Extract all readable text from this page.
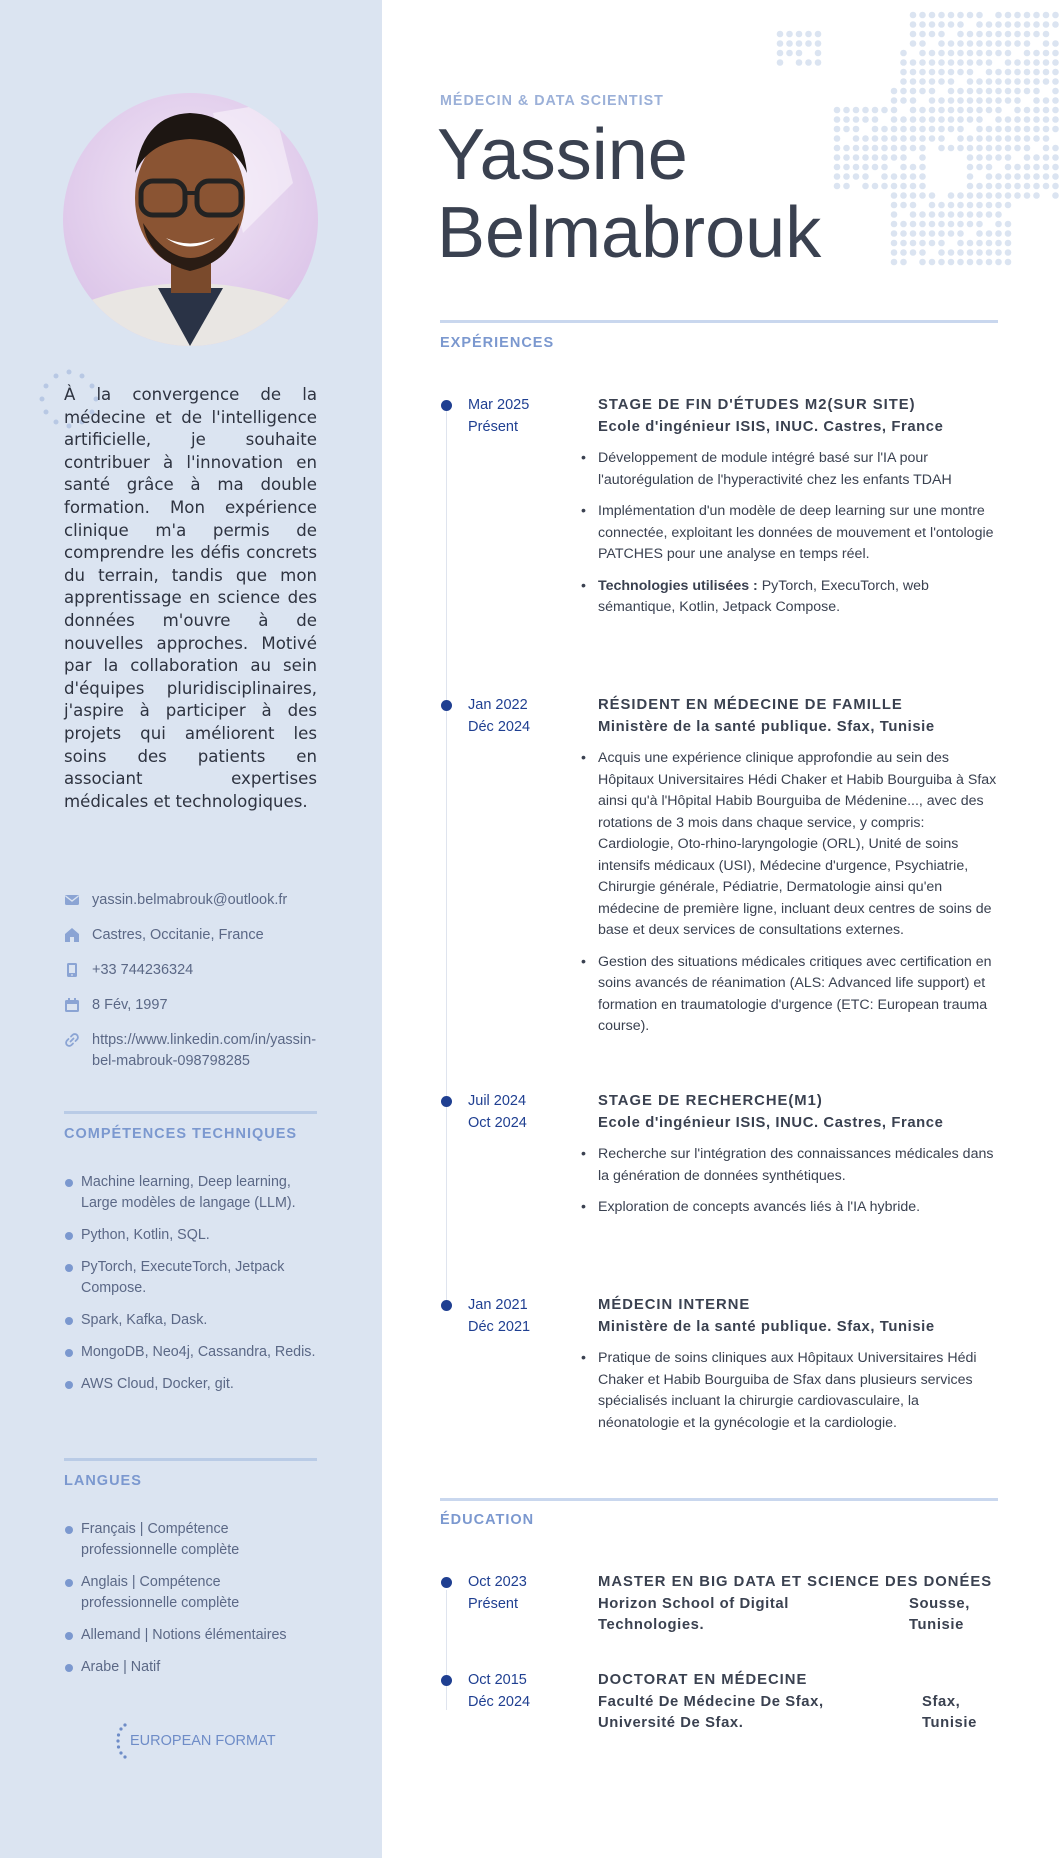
À la convergence de la médecine et de l'intelligence artificielle, je souhaite contribuer à l'innovation en santé grâce à ma double formation. Mon expérience clinique m'a permis de comprendre les défis concrets du terrain, tandis que mon apprentissage en science des données m'ouvre à de nouvelles approches. Motivé par la collaboration au sein d'équipes pluridisciplinaires, j'aspire à participer à des projets qui améliorent les soins des patients en associant expertises médicales et technologiques.

yassin.belmabrouk@outlook.fr
Castres, Occitanie, France
+33 744236324
8 Fév, 1997
https://www.linkedin.com/in/yassin-bel-mabrouk-098798285
COMPÉTENCES TECHNIQUES
Machine learning, Deep learning, Large modèles de langage (LLM).
Python, Kotlin, SQL.
PyTorch, ExecuteTorch, Jetpack Compose.
Spark, Kafka, Dask.
MongoDB, Neo4j, Cassandra, Redis.
AWS Cloud, Docker, git.
LANGUES
Français | Compétence professionnelle complète
Anglais | Compétence professionnelle complète
Allemand | Notions élémentaires
Arabe | Natif
EUROPEAN FORMAT
MÉDECIN & DATA SCIENTIST
Yassine
Belmabrouk
EXPÉRIENCES
Mar 2025
Présent
STAGE DE FIN D'ÉTUDES M2(SUR SITE)
Ecole d'ingénieur ISIS, INUC. Castres, France
• Développement de module intégré basé sur l'IA pour l'autorégulation de l'hyperactivité chez les enfants TDAH
• Implémentation d'un modèle de deep learning sur une montre connectée, exploitant les données de mouvement et l'ontologie PATCHES pour une analyse en temps réel.
• Technologies utilisées : PyTorch, ExecuTorch, web sémantique, Kotlin, Jetpack Compose.
Jan 2022
Déc 2024
RÉSIDENT EN MÉDECINE DE FAMILLE
Ministère de la santé publique. Sfax, Tunisie
• Acquis une expérience clinique approfondie au sein des Hôpitaux Universitaires Hédi Chaker et Habib Bourguiba à Sfax ainsi qu'à l'Hôpital Habib Bourguiba de Médenine..., avec des rotations de 3 mois dans chaque service, y compris: Cardiologie, Oto-rhino-laryngologie (ORL), Unité de soins intensifs médicaux (USI), Médecine d'urgence, Psychiatrie, Chirurgie générale, Pédiatrie, Dermatologie ainsi qu'en médecine de première ligne, incluant deux centres de soins de base et deux services de consultations externes.
• Gestion des situations médicales critiques avec certification en soins avancés de réanimation (ALS: Advanced life support) et formation en traumatologie d'urgence (ETC: European trauma course).
Juil 2024
Oct 2024
STAGE DE RECHERCHE(M1)
Ecole d'ingénieur ISIS, INUC. Castres, France
• Recherche sur l'intégration des connaissances médicales dans la génération de données synthétiques.
• Exploration de concepts avancés liés à l'IA hybride.
Jan 2021
Déc 2021
MÉDECIN INTERNE
Ministère de la santé publique. Sfax, Tunisie
• Pratique de soins cliniques aux Hôpitaux Universitaires Hédi Chaker et Habib Bourguiba de Sfax dans plusieurs services spécialisés incluant la chirurgie cardiovasculaire, la néonatologie et la gynécologie et la cardiologie.
ÉDUCATION
Oct 2023
Présent
MASTER EN BIG DATA ET SCIENCE DES DONÉES
Horizon School of Digital Technologies.
Sousse, Tunisie
Oct 2015
Déc 2024
DOCTORAT EN MÉDECINE
Faculté De Médecine De Sfax, Université De Sfax.
Sfax, Tunisie
